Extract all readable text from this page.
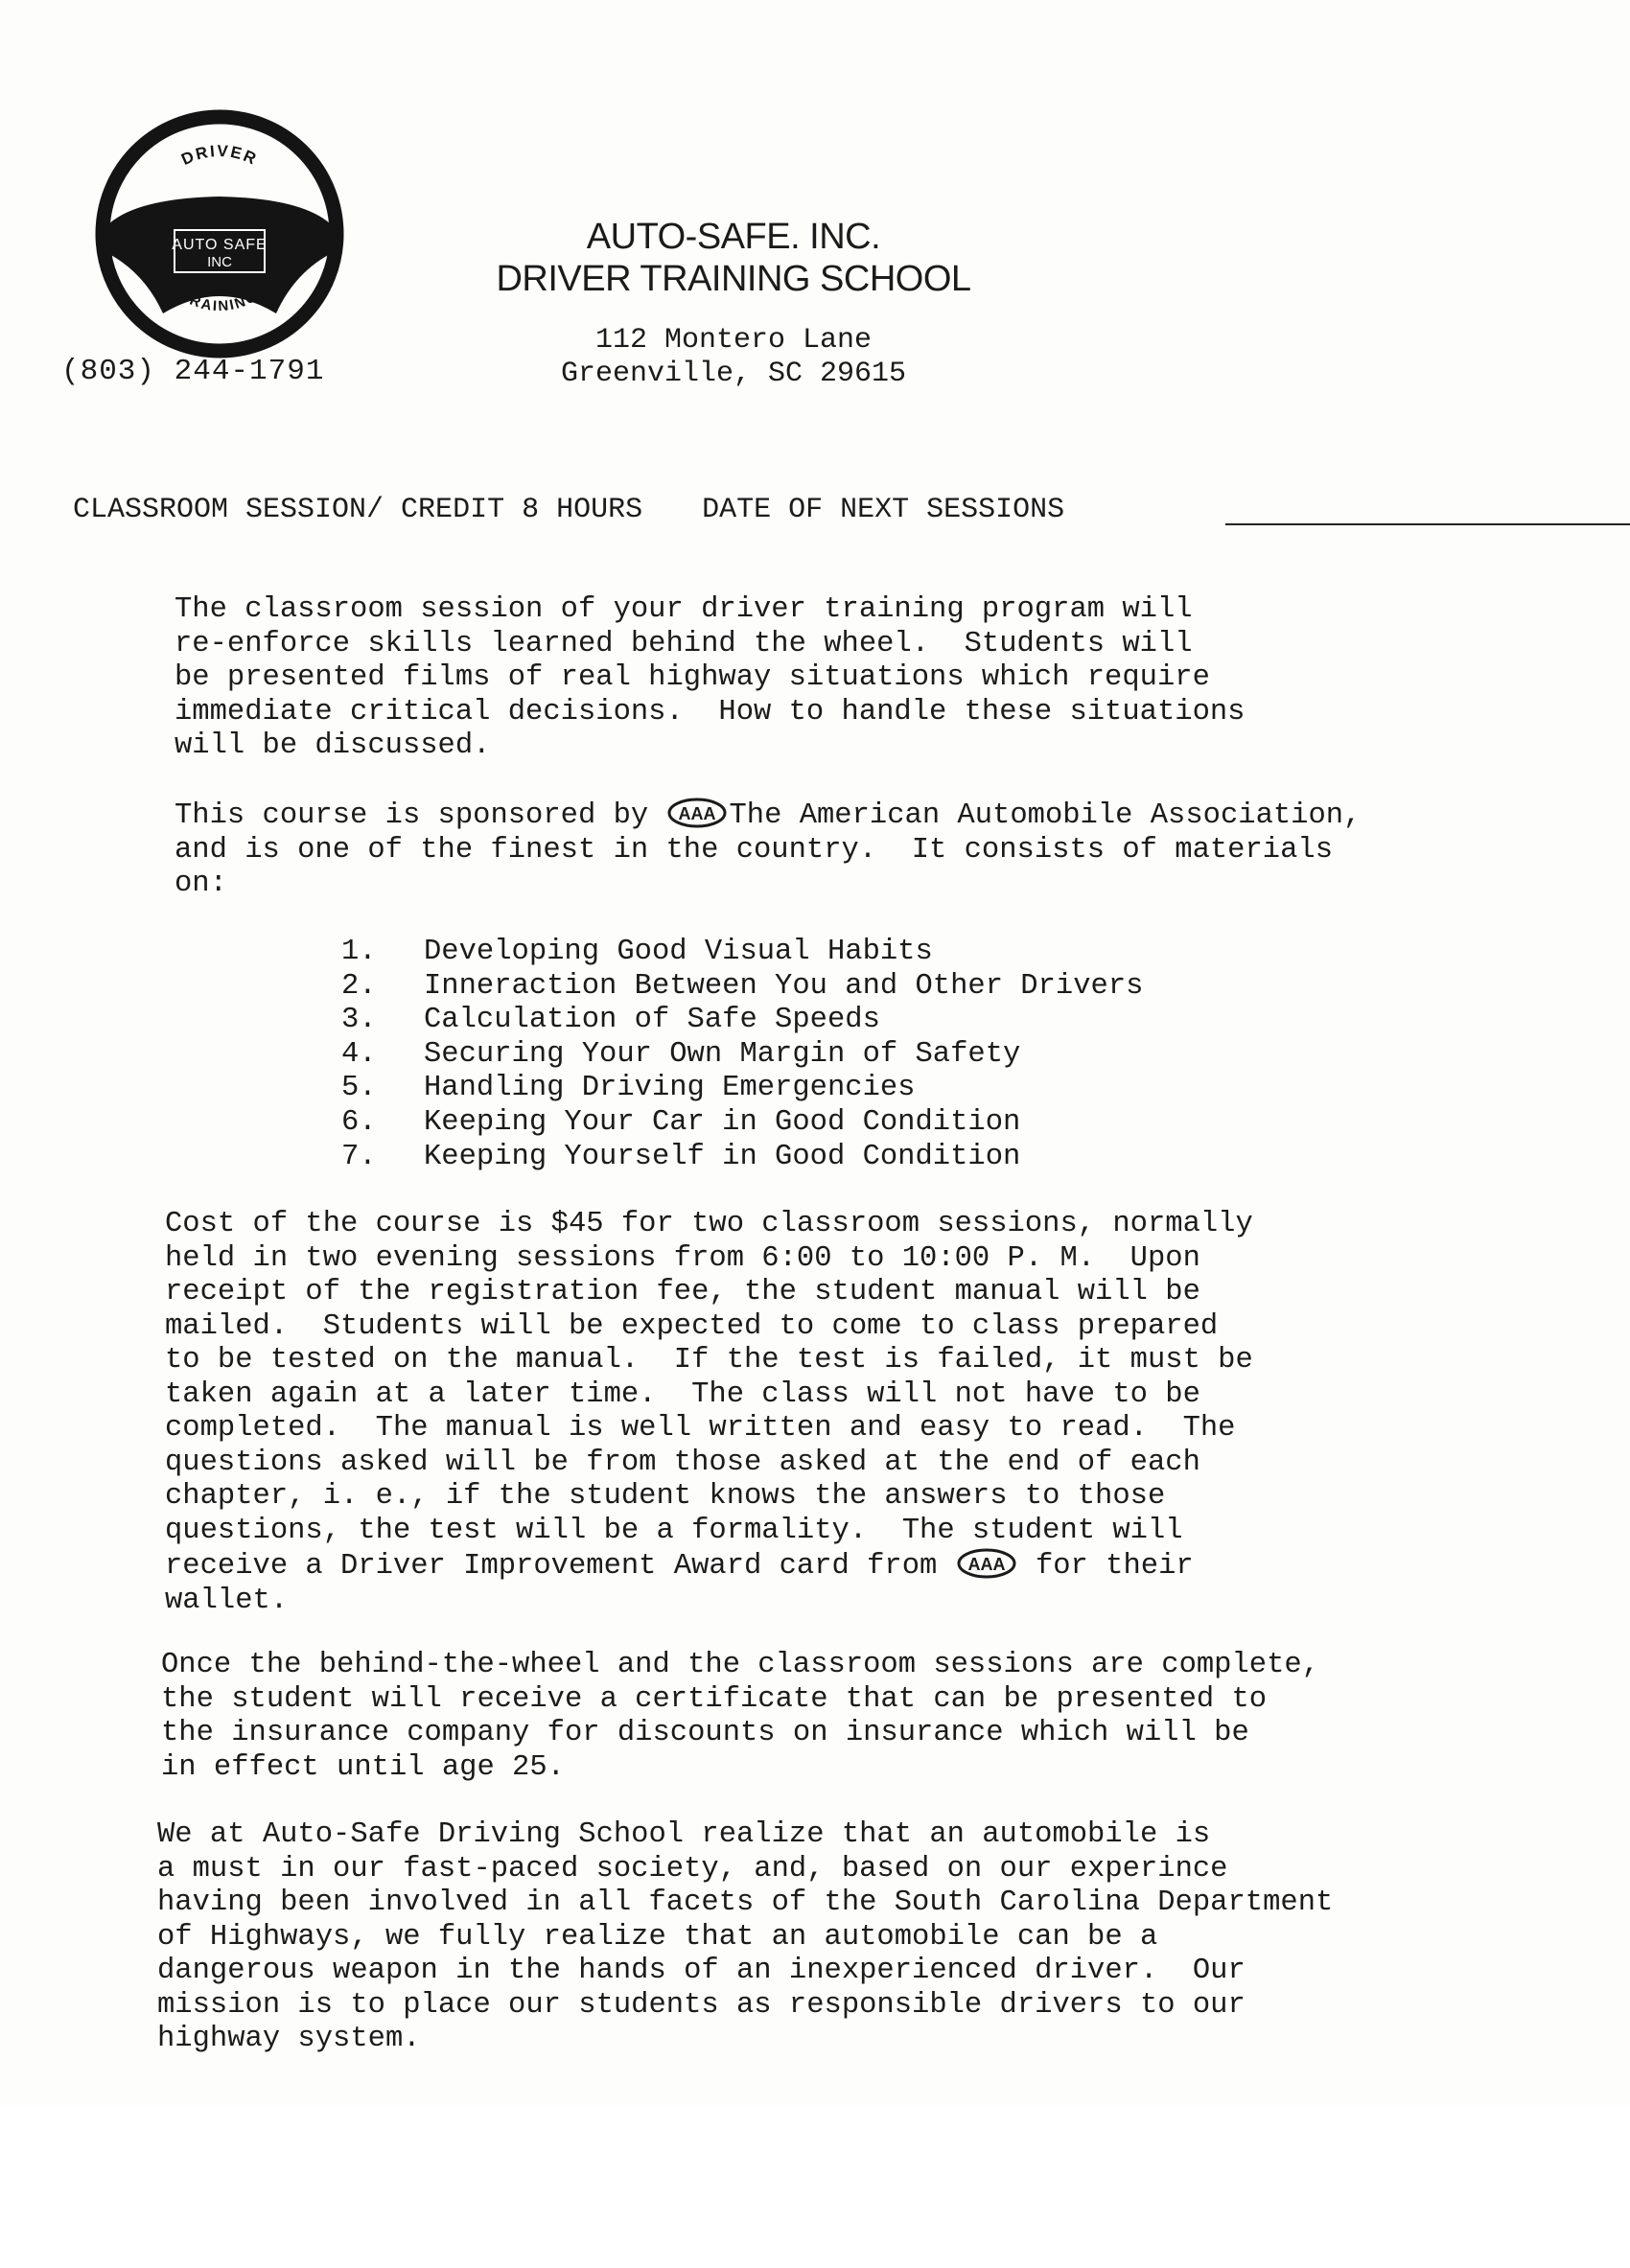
DRIVER
TRAINING
AUTO SAFE
INC
(803) 244-1791
AUTO-SAFE. INC.
DRIVER TRAINING SCHOOL
112 Montero Lane
Greenville, SC 29615
CLASSROOM SESSION/ CREDIT 8 HOURS DATE OF NEXT SESSIONS

The classroom session of your driver training program will
re-enforce skills learned behind the wheel.  Students will
be presented films of real highway situations which require
immediate critical decisions.  How to handle these situations
will be discussed.

This course is sponsored by AAA The American Automobile Association,
and is one of the finest in the country.  It consists of materials
on:

1. Developing Good Visual Habits
2. Inneraction Between You and Other Drivers
3. Calculation of Safe Speeds
4. Securing Your Own Margin of Safety
5. Handling Driving Emergencies
6. Keeping Your Car in Good Condition
7. Keeping Yourself in Good Condition

Cost of the course is $45 for two classroom sessions, normally
held in two evening sessions from 6:00 to 10:00 P. M.  Upon
receipt of the registration fee, the student manual will be
mailed.  Students will be expected to come to class prepared
to be tested on the manual.  If the test is failed, it must be
taken again at a later time.  The class will not have to be
completed.  The manual is well written and easy to read.  The
questions asked will be from those asked at the end of each
chapter, i. e., if the student knows the answers to those
questions, the test will be a formality.  The student will
receive a Driver Improvement Award card from AAA for their
wallet.

Once the behind-the-wheel and the classroom sessions are complete,
the student will receive a certificate that can be presented to
the insurance company for discounts on insurance which will be
in effect until age 25.

We at Auto-Safe Driving School realize that an automobile is
a must in our fast-paced society, and, based on our experince
having been involved in all facets of the South Carolina Department
of Highways, we fully realize that an automobile can be a
dangerous weapon in the hands of an inexperienced driver.  Our
mission is to place our students as responsible drivers to our
highway system.
